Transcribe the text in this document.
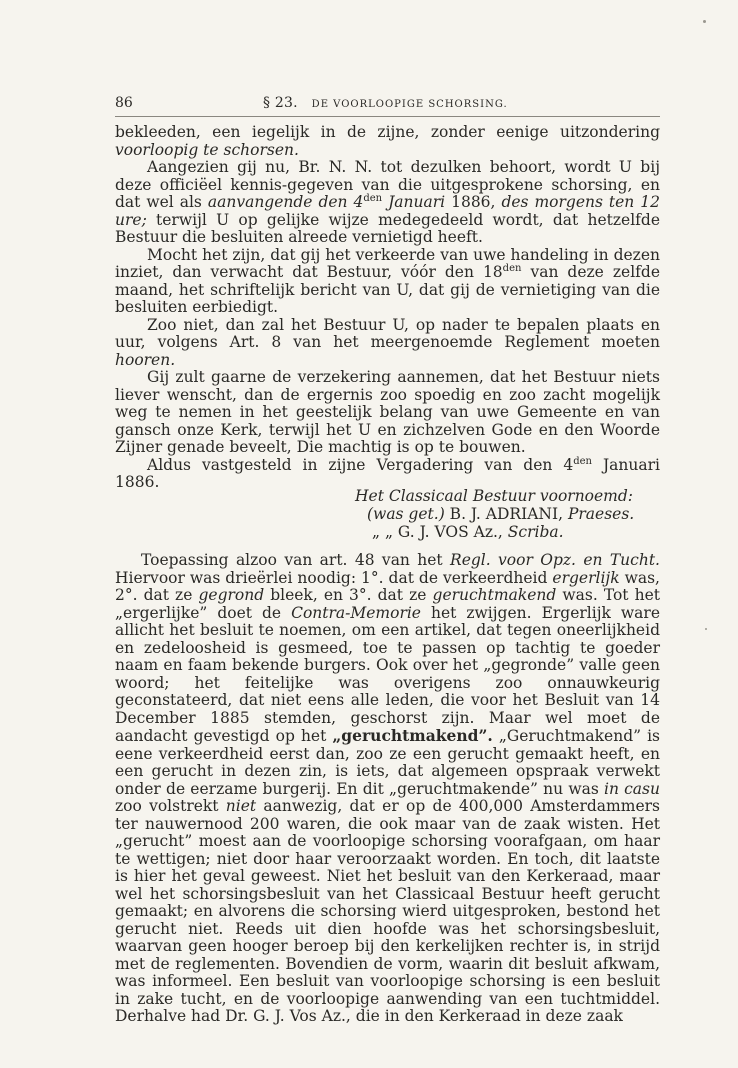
86	§ 23. DE VOORLOOPIGE SCHORSING.

bekleeden, een iegelijk in de zijne, zonder eenige uitzondering voorloopig te schorsen.

Aangezien gij nu, Br. N. N. tot dezulken behoort, wordt U bij deze officiëel kennis-gegeven van die uitgesprokene schorsing, en dat wel als aanvangende den $4^{den}$ Januari 1886, des morgens ten 12 ure; terwijl U op gelijke wijze medegedeeld wordt, dat hetzelfde Bestuur die besluiten alreede vernietigd heeft.

Mocht het zijn, dat gij het verkeerde van uwe handeling in dezen inziet, dan verwacht dat Bestuur, vóór den $18^{den}$ van deze zelfde maand, het schriftelijk bericht van U, dat gij de vernietiging van die besluiten eerbiedigt.

Zoo niet, dan zal het Bestuur U, op nader te bepalen plaats en uur, volgens Art. 8 van het meergenoemde Reglement moeten hooren.

Gij zult gaarne de verzekering aannemen, dat het Bestuur niets liever wenscht, dan de ergernis zoo spoedig en zoo zacht mogelijk weg te nemen in het geestelijk belang van uwe Gemeente en van gansch onze Kerk, terwijl het U en zichzelven Gode en den Woorde Zijner genade beveelt, Die machtig is op te bouwen.

Aldus vastgesteld in zijne Vergadering van den $4^{den}$ Januari 1886.

Het Classicaal Bestuur voornoemd:
(was get.) B. J. ADRIANI, Praeses.
„ „ G. J. VOS Az., Scriba.

Toepassing alzoo van art. 48 van het Regl. voor Opz. en Tucht. Hiervoor was drieërlei noodig: 1°. dat de verkeerdheid ergerlijk was, 2°. dat ze gegrond bleek, en 3°. dat ze geruchtmakend was. Tot het „ergerlijke” doet de Contra-Memorie het zwijgen. Ergerlijk ware allicht het besluit te noemen, om een artikel, dat tegen oneerlijkheid en zedeloosheid is gesmeed, toe te passen op tachtig te goeder naam en faam bekende burgers. Ook over het „gegronde” valle geen woord; het feitelijke was overigens zoo onnauwkeurig geconstateerd, dat niet eens alle leden, die voor het Besluit van 14 December 1885 stemden, geschorst zijn. Maar wel moet de aandacht gevestigd op het „geruchtmakend”. „Geruchtmakend” is eene verkeerdheid eerst dan, zoo ze een gerucht gemaakt heeft, en een gerucht in dezen zin, is iets, dat algemeen opspraak verwekt onder de eerzame burgerij. En dit „geruchtmakende” nu was in casu zoo volstrekt niet aanwezig, dat er op de 400,000 Amsterdammers ter nauwernood 200 waren, die ook maar van de zaak wisten. Het „gerucht” moest aan de voorloopige schorsing voorafgaan, om haar te wettigen; niet door haar veroorzaakt worden. En toch, dit laatste is hier het geval geweest. Niet het besluit van den Kerkeraad, maar wel het schorsingsbesluit van het Classicaal Bestuur heeft gerucht gemaakt; en alvorens die schorsing wierd uitgesproken, bestond het gerucht niet. Reeds uit dien hoofde was het schorsingsbesluit, waarvan geen hooger beroep bij den kerkelijken rechter is, in strijd met de reglementen. Bovendien de vorm, waarin dit besluit afkwam, was informeel. Een besluit van voorloopige schorsing is een besluit in zake tucht, en de voorloopige aanwending van een tuchtmiddel. Derhalve had Dr. G. J. Vos Az., die in den Kerkeraad in deze zaak
